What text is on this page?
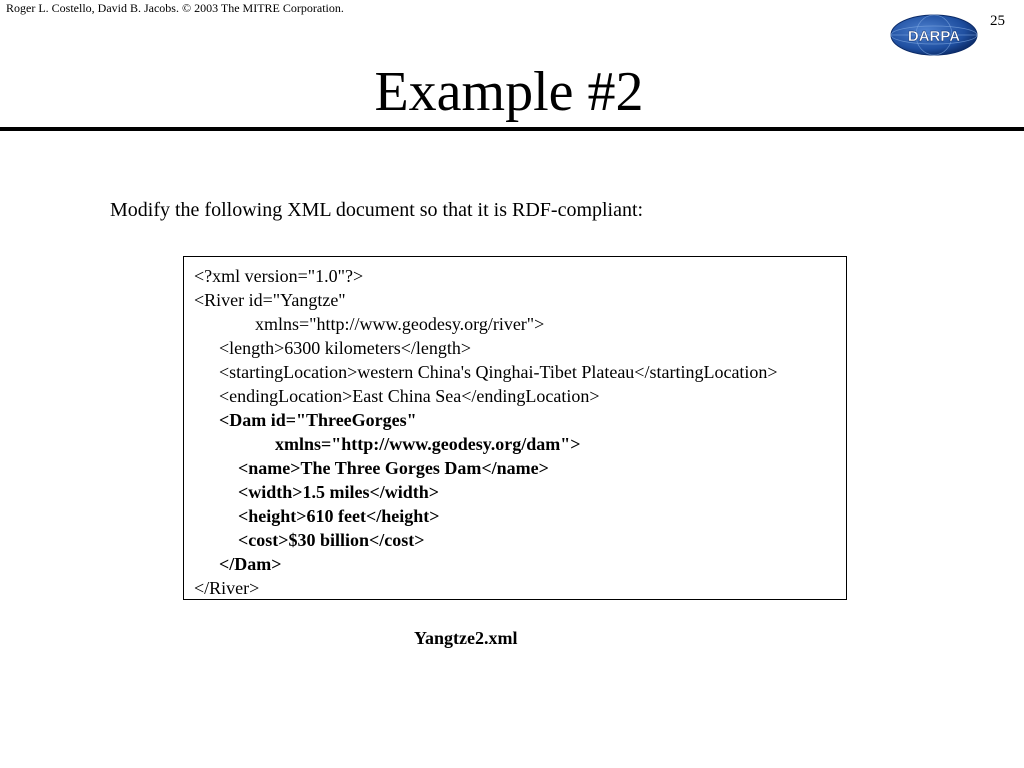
Roger L. Costello, David B. Jacobs. © 2003 The MITRE Corporation.
25
DARPA
Example #2
Modify the following XML document so that it is RDF-compliant:
<?xml version="1.0"?>
<River id="Yangtze"
xmlns="http://www.geodesy.org/river">
<length>6300 kilometers</length>
<startingLocation>western China's Qinghai-Tibet Plateau</startingLocation>
<endingLocation>East China Sea</endingLocation>
<Dam id="ThreeGorges"
xmlns="http://www.geodesy.org/dam">
<name>The Three Gorges Dam</name>
<width>1.5 miles</width>
<height>610 feet</height>
<cost>$30 billion</cost>
</Dam>
</River>
Yangtze2.xml
